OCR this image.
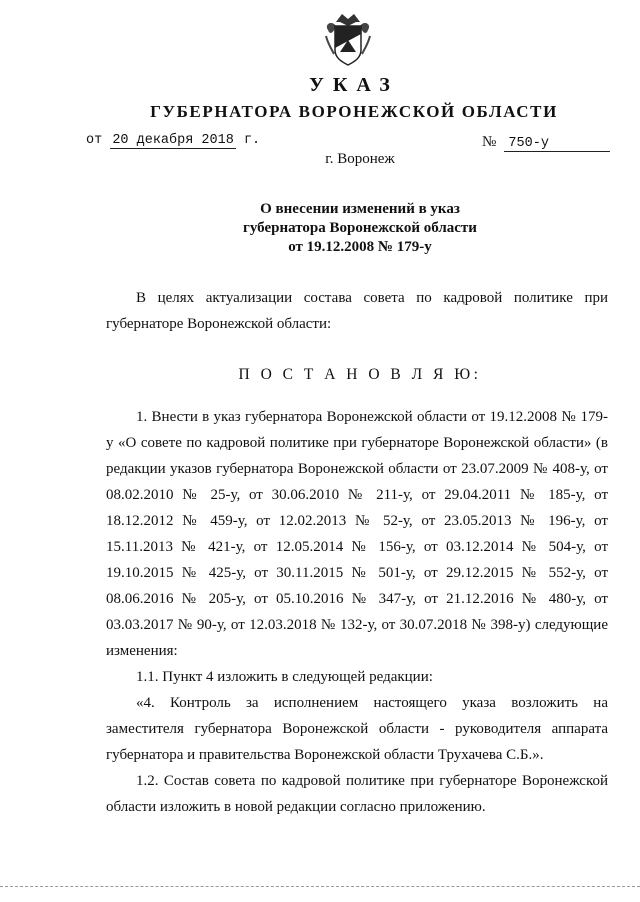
УКАЗ
ГУБЕРНАТОРА ВОРОНЕЖСКОЙ ОБЛАСТИ
от 20 декабря 2018 г.	№ 750-у
г. Воронеж
О внесении изменений в указ
губернатора Воронежской области
от 19.12.2008 № 179-у

В целях актуализации состава совета по кадровой политике при губернаторе Воронежской области:

П О С Т А Н О В Л Я Ю:

1. Внести в указ губернатора Воронежской области от 19.12.2008 № 179-у «О совете по кадровой политике при губернаторе Воронежской области» (в редакции указов губернатора Воронежской области от 23.07.2009 № 408-у, от 08.02.2010 № 25-у, от 30.06.2010 № 211-у, от 29.04.2011 № 185-у, от 18.12.2012 № 459-у, от 12.02.2013 № 52-у, от 23.05.2013 № 196-у, от 15.11.2013 № 421-у, от 12.05.2014 № 156-у, от 03.12.2014 № 504-у, от 19.10.2015 № 425-у, от 30.11.2015 № 501-у, от 29.12.2015 № 552-у, от 08.06.2016 № 205-у, от 05.10.2016 № 347-у, от 21.12.2016 № 480-у, от 03.03.2017 № 90-у, от 12.03.2018 № 132-у, от 30.07.2018 № 398-у) следующие изменения:

1.1. Пункт 4 изложить в следующей редакции:

«4. Контроль за исполнением настоящего указа возложить на заместителя губернатора Воронежской области - руководителя аппарата губернатора и правительства Воронежской области Трухачева С.Б.».

1.2. Состав совета по кадровой политике при губернаторе Воронежской области изложить в новой редакции согласно приложению.
